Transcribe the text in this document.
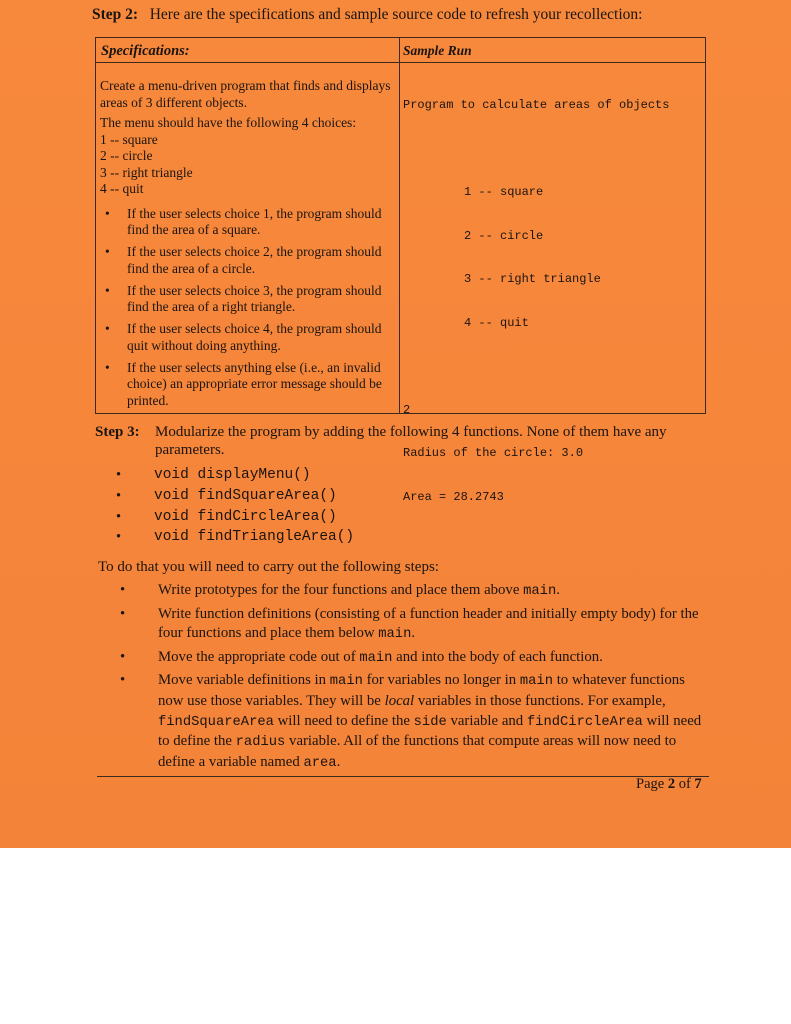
Step 2: Here are the specifications and sample source code to refresh your recollection:
Specifications:	Sample Run

Create a menu-driven program that finds and displays areas of 3 different objects.

The menu should have the following 4 choices:

1 -- square

2 -- circle

3 -- right triangle

4 -- quit

• If the user selects choice 1, the program should find the area of a square.
• If the user selects choice 2, the program should find the area of a circle.
• If the user selects choice 3, the program should find the area of a right triangle.
• If the user selects choice 4, the program should quit without doing anything.
• If the user selects anything else (i.e., an invalid choice) an appropriate error message should be printed.

Program to calculate areas of objects

1 -- square

2 -- circle

3 -- right triangle

4 -- quit

2

Radius of the circle: 3.0

Area = 28.2743

Step 3:	Modularize the program by adding the following 4 functions. None of them have any parameters.
• void displayMenu()
• void findSquareArea()
• void findCircleArea()
• void findTriangleArea()
To do that you will need to carry out the following steps:
• Write prototypes for the four functions and place them above main.
• Write function definitions (consisting of a function header and initially empty body) for the four functions and place them below main.
• Move the appropriate code out of main and into the body of each function.
• Move variable definitions in main for variables no longer in main to whatever functions now use those variables. They will be local variables in those functions. For example, findSquareArea will need to define the side variable and findCircleArea will need to define the radius variable. All of the functions that compute areas will now need to define a variable named area.
Page 2 of 7
